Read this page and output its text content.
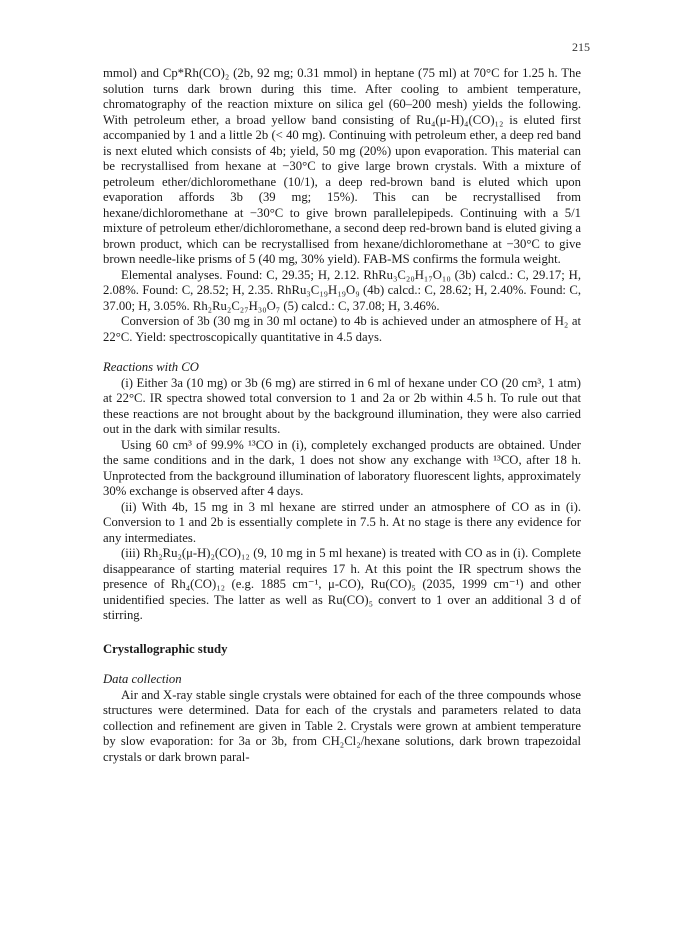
215

mmol) and Cp*Rh(CO)₂ (2b, 92 mg; 0.31 mmol) in heptane (75 ml) at 70°C for 1.25 h. The solution turns dark brown during this time. After cooling to ambient temperature, chromatography of the reaction mixture on silica gel (60–200 mesh) yields the following. With petroleum ether, a broad yellow band consisting of Ru₄(μ-H)₄(CO)₁₂ is eluted first accompanied by 1 and a little 2b (< 40 mg). Continuing with petroleum ether, a deep red band is next eluted which consists of 4b; yield, 50 mg (20%) upon evaporation. This material can be recrystallised from hexane at −30°C to give large brown crystals. With a mixture of petroleum ether/dichloromethane (10/1), a deep red-brown band is eluted which upon evaporation affords 3b (39 mg; 15%). This can be recrystallised from hexane/dichloromethane at −30°C to give brown parallelepipeds. Continuing with a 5/1 mixture of petroleum ether/dichloromethane, a second deep red-brown band is eluted giving a brown product, which can be recrystallised from hexane/dichloromethane at −30°C to give brown needle-like prisms of 5 (40 mg, 30% yield). FAB-MS confirms the formula weight.

Elemental analyses. Found: C, 29.35; H, 2.12. RhRu₃C₂₀H₁₇O₁₀ (3b) calcd.: C, 29.17; H, 2.08%. Found: C, 28.52; H, 2.35. RhRu₃C₁₉H₁₉O₉ (4b) calcd.: C, 28.62; H, 2.40%. Found: C, 37.00; H, 3.05%. Rh₂Ru₂C₂₇H₃₀O₇ (5) calcd.: C, 37.08; H, 3.46%.

Conversion of 3b (30 mg in 30 ml octane) to 4b is achieved under an atmosphere of H₂ at 22°C. Yield: spectroscopically quantitative in 4.5 days.

Reactions with CO

(i) Either 3a (10 mg) or 3b (6 mg) are stirred in 6 ml of hexane under CO (20 cm³, 1 atm) at 22°C. IR spectra showed total conversion to 1 and 2a or 2b within 4.5 h. To rule out that these reactions are not brought about by the background illumination, they were also carried out in the dark with similar results.

Using 60 cm³ of 99.9% ¹³CO in (i), completely exchanged products are obtained. Under the same conditions and in the dark, 1 does not show any exchange with ¹³CO, after 18 h. Unprotected from the background illumination of laboratory fluorescent lights, approximately 30% exchange is observed after 4 days.

(ii) With 4b, 15 mg in 3 ml hexane are stirred under an atmosphere of CO as in (i). Conversion to 1 and 2b is essentially complete in 7.5 h. At no stage is there any evidence for any intermediates.

(iii) Rh₂Ru₂(μ-H)₂(CO)₁₂ (9, 10 mg in 5 ml hexane) is treated with CO as in (i). Complete disappearance of starting material requires 17 h. At this point the IR spectrum shows the presence of Rh₄(CO)₁₂ (e.g. 1885 cm⁻¹, μ-CO), Ru(CO)₅ (2035, 1999 cm⁻¹) and other unidentified species. The latter as well as Ru(CO)₅ convert to 1 over an additional 3 d of stirring.

Crystallographic study

Data collection

Air and X-ray stable single crystals were obtained for each of the three compounds whose structures were determined. Data for each of the crystals and parameters related to data collection and refinement are given in Table 2. Crystals were grown at ambient temperature by slow evaporation: for 3a or 3b, from CH₂Cl₂/hexane solutions, dark brown trapezoidal crystals or dark brown paral-
